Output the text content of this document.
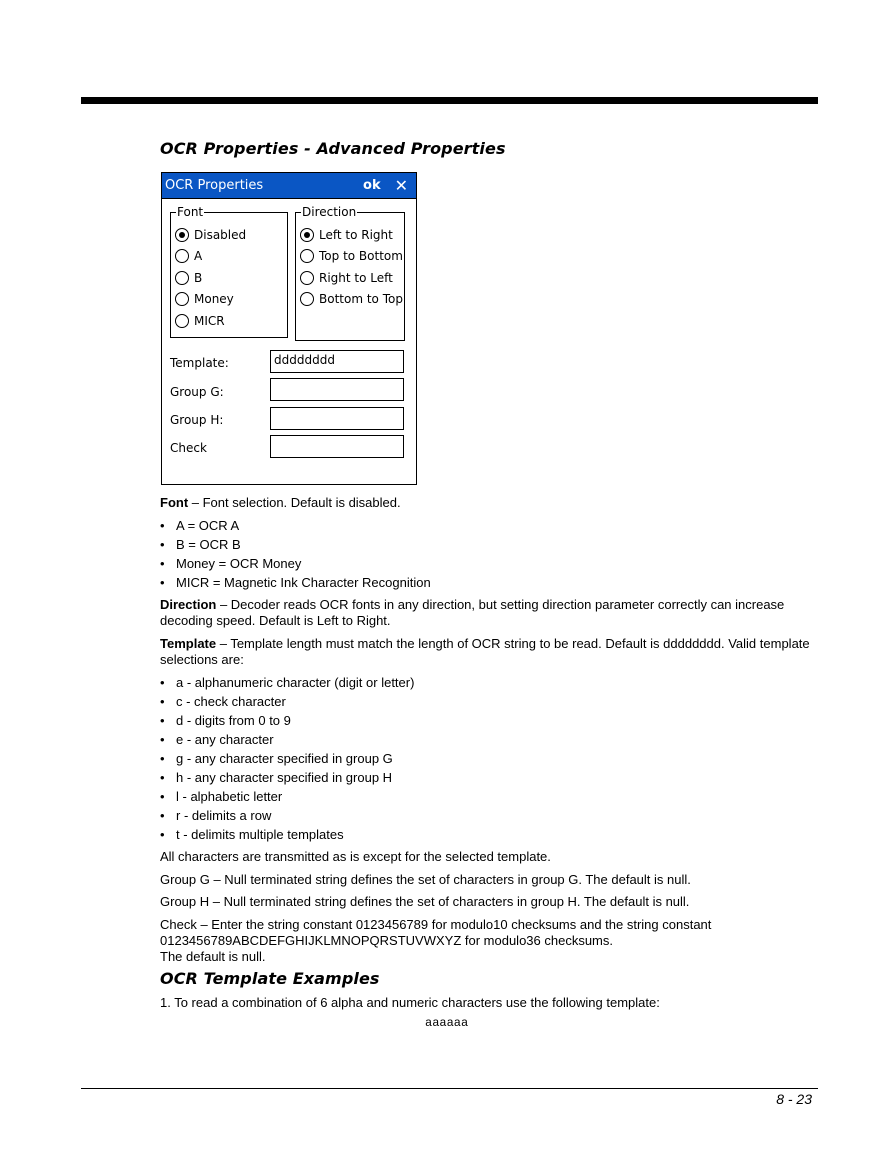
OCR Properties - Advanced Properties
OCR Properties	ok ✕
Font
Disabled
A
B
Money
MICR
Direction
Left to Right
Top to Bottom
Right to Left
Bottom to Top
Template:	dddddddd
Group G:
Group H:
Check
Font – Font selection. Default is disabled.
• A = OCR A
• B = OCR B
• Money = OCR Money
• MICR = Magnetic Ink Character Recognition
Direction – Decoder reads OCR fonts in any direction, but setting direction parameter correctly can increase decoding speed. Default is Left to Right.
Template – Template length must match the length of OCR string to be read. Default is dddddddd. Valid template selections are:
• a - alphanumeric character (digit or letter)
• c - check character
• d - digits from 0 to 9
• e - any character
• g - any character specified in group G
• h - any character specified in group H
• l - alphabetic letter
• r - delimits a row
• t - delimits multiple templates
All characters are transmitted as is except for the selected template.
Group G – Null terminated string defines the set of characters in group G. The default is null.
Group H – Null terminated string defines the set of characters in group H. The default is null.
Check – Enter the string constant 0123456789 for modulo10 checksums and the string constant
0123456789ABCDEFGHIJKLMNOPQRSTUVWXYZ for modulo36 checksums.
The default is null.
OCR Template Examples
1. To read a combination of 6 alpha and numeric characters use the following template:
aaaaaa
8 - 23
